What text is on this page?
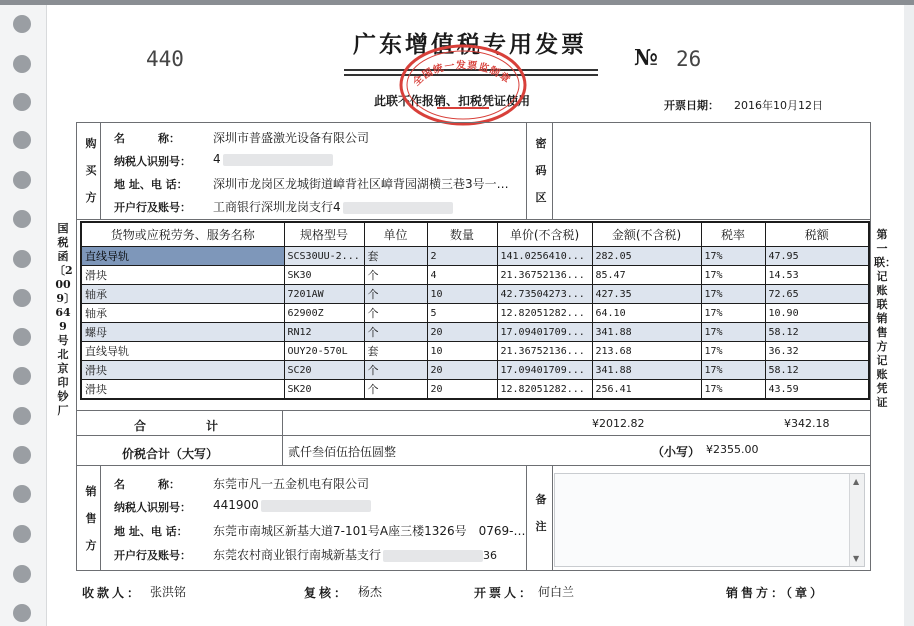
440
广东增值税专用发票
此联不作报销、扣税凭证使用
№ 26
开票日期： 2016年10月12日
全国统一发票监制章
购买方
密码区
名　　　称：	深圳市普盛激光设备有限公司
纳税人识别号： 4
地 址、电 话： 深圳市龙岗区龙城街道嶂背社区嶂背园湖横三巷3号一…
开户行及账号： 工商银行深圳龙岗支行4
货物或应税劳务、服务名称	规格型号	单位	数量	单价(不含税)	金额(不含税)	税率	税额
直线导轨	SCS30UU-2...	套	2	141.0256410...	282.05	17%	47.95
滑块	SK30	个	4	21.36752136...	85.47	17%	14.53
轴承	7201AW	个	10	42.73504273...	427.35	17%	72.65
轴承	62900Z	个	5	12.82051282...	64.10	17%	10.90
螺母	RN12	个	20	17.09401709...	341.88	17%	58.12
直线导轨	OUY20-570L	套	10	21.36752136...	213.68	17%	36.32
滑块	SC20	个	20	17.09401709...	341.88	17%	58.12
滑块	SK20	个	20	12.82051282...	256.41	17%	43.59
合计	¥2012.82	¥342.18
价税合计（大写）	贰仟叁佰伍拾伍圆整	（小写） ¥2355.00
销售方
备注
名　　　称：	东莞市凡一五金机电有限公司
纳税人识别号： 441900
地 址、电 话： 东莞市南城区新基大道7-101号A座三楼1326号　0769-…
开户行及账号： 东莞农村商业银行南城新基支行	36
▲
▼
国税函〔2009〕649号北京印钞厂
第一联：记账联　销售方记账凭证
收款人： 张洪铭	复核： 杨杰	开票人： 何白兰	销售方：（章）
